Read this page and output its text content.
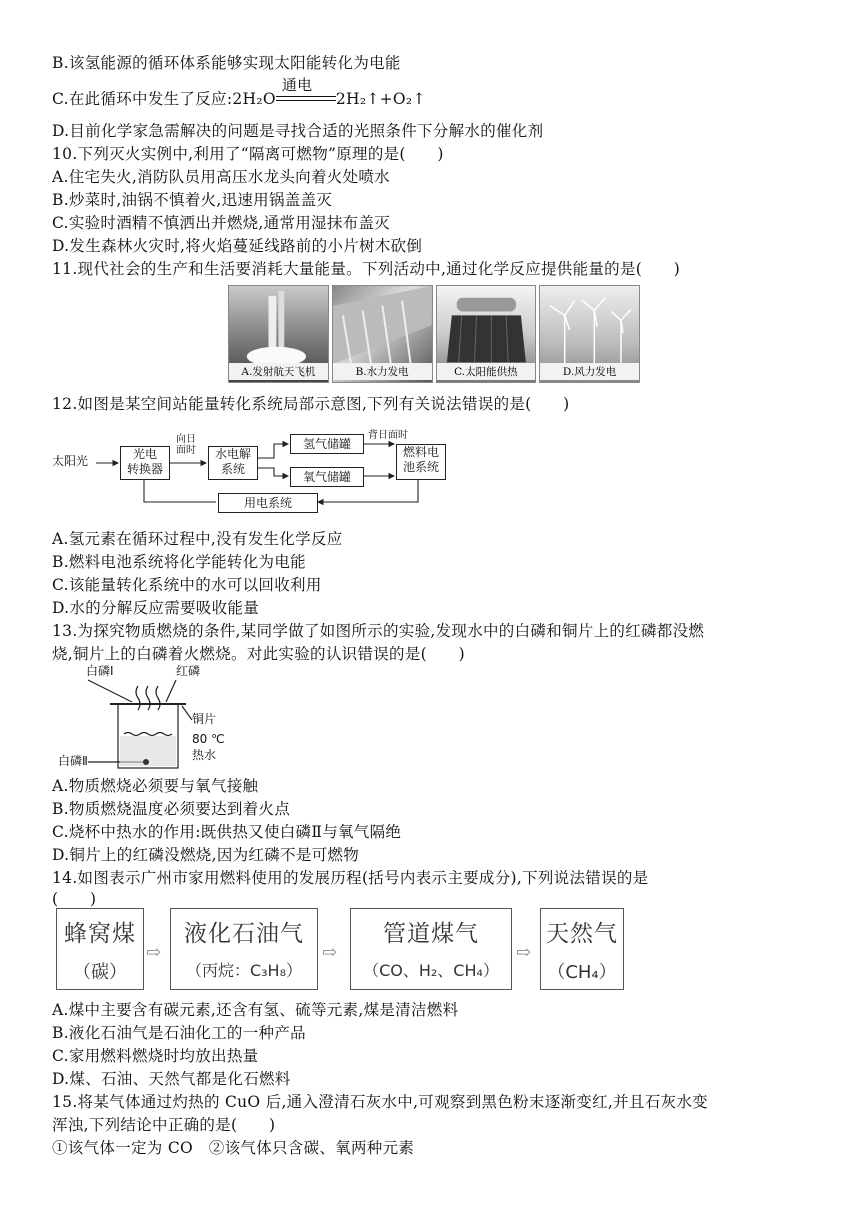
B.该氢能源的循环体系能够实现太阳能转化为电能
C.在此循环中发生了反应:2H₂O
通电
2H₂↑+O₂↑
D.目前化学家急需解决的问题是寻找合适的光照条件下分解水的催化剂
10.下列灭火实例中,利用了“隔离可燃物”原理的是(　　)
A.住宅失火,消防队员用高压水龙头向着火处喷水
B.炒菜时,油锅不慎着火,迅速用锅盖盖灭
C.实验时酒精不慎洒出并燃烧,通常用湿抹布盖灭
D.发生森林火灾时,将火焰蔓延线路前的小片树木砍倒
11.现代社会的生产和生活要消耗大量能量。下列活动中,通过化学反应提供能量的是(　　)
A.发射航天飞机	B.水力发电	C.太阳能供热	D.风力发电
12.如图是某空间站能量转化系统局部示意图,下列有关说法错误的是(　　)
太阳光	光电
转换器
向日
面时	水电解
系统
氢气储罐
氧气储罐
背日面时
燃料电
池系统
用电系统
A.氢元素在循环过程中,没有发生化学反应
B.燃料电池系统将化学能转化为电能
C.该能量转化系统中的水可以回收利用
D.水的分解反应需要吸收能量
13.为探究物质燃烧的条件,某同学做了如图所示的实验,发现水中的白磷和铜片上的红磷都没燃
烧,铜片上的白磷着火燃烧。对此实验的认识错误的是(　　)
白磷Ⅰ	红磷
铜片
80 ℃
热水
白磷Ⅱ
A.物质燃烧必须要与氧气接触
B.物质燃烧温度必须要达到着火点
C.烧杯中热水的作用:既供热又使白磷Ⅱ与氧气隔绝
D.铜片上的红磷没燃烧,因为红磷不是可燃物
14.如图表示广州市家用燃料使用的发展历程(括号内表示主要成分),下列说法错误的是
(　　)
蜂窝煤
（碳）
⇨
液化石油气
（丙烷：C₃H₈）
⇨
管道煤气
（CO、H₂、CH₄）
⇨
天然气
（CH₄）
A.煤中主要含有碳元素,还含有氢、硫等元素,煤是清洁燃料
B.液化石油气是石油化工的一种产品
C.家用燃料燃烧时均放出热量
D.煤、石油、天然气都是化石燃料
15.将某气体通过灼热的 CuO 后,通入澄清石灰水中,可观察到黑色粉末逐渐变红,并且石灰水变
浑浊,下列结论中正确的是(　　)
①该气体一定为 CO　②该气体只含碳、氧两种元素
